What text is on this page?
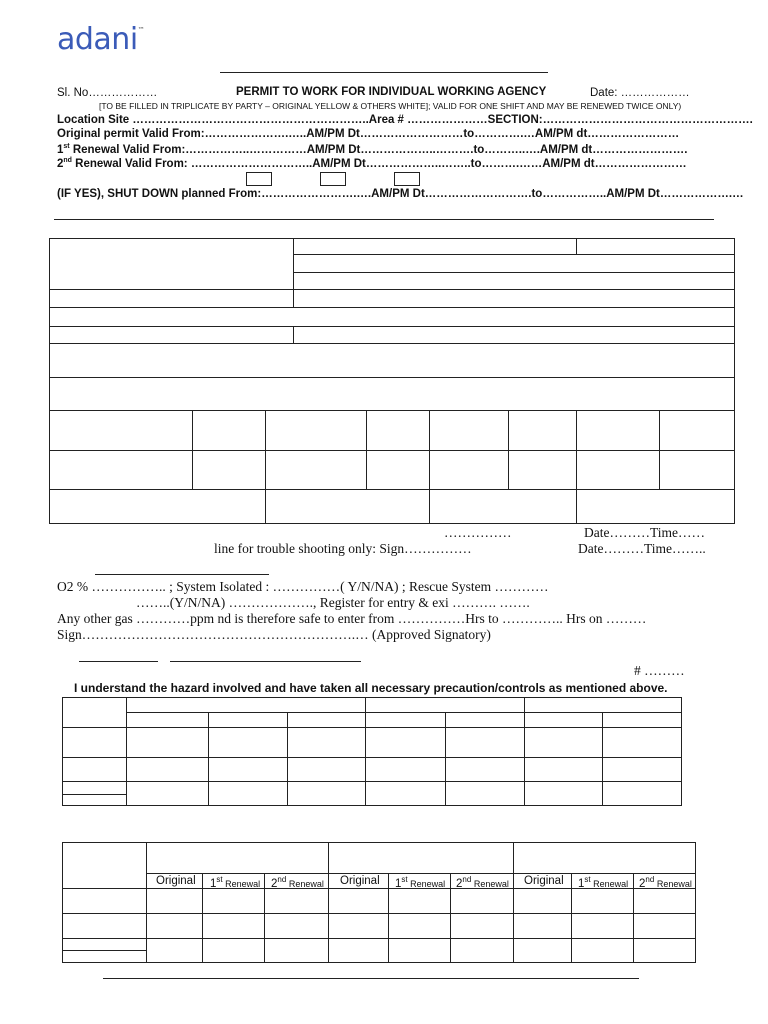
adani™
Sl. No………………	PERMIT TO WORK FOR INDIVIDUAL WORKING AGENCY	Date: ………………
[TO BE FILLED IN TRIPLICATE BY PARTY – ORIGINAL YELLOW & OTHERS WHITE]; VALID FOR ONE SHIFT AND MAY BE RENEWED TWICE ONLY)
Location Site ……………………………………………………..Area # …………………SECTION:……………………………………………….
Original permit Valid From:………………….…..AM/PM Dt………………………to………….…AM/PM dt……………………
1st Renewal Valid From:……………..……………AM/PM Dt………………..……….to………..….AM/PM dt…………………….
2nd Renewal Valid From: …………………………..AM/PM Dt………………..……..to……….……AM/PM dt……………………
(IF YES), SHUT DOWN planned From:…………………….….AM/PM Dt……………………….to……………..AM/PM Dt……………….…
……………	Date………Time……
line for trouble shooting only: Sign……………	Date………Time……..
O2 % …………….. ; System Isolated : ……………( Y/N/NA) ; Rescue System …………
……..(Y/N/NA) ………………., Register for entry & exi ………. …….
Any other gas …………ppm nd is therefore safe to enter from ……………Hrs to ………….. Hrs on ………
Sign…………………………………………………….… (Approved Signatory)
# ………
I understand the hazard involved and have taken all necessary precaution/controls as mentioned above.
Original 1st Renewal 2nd Renewal Original 1st Renewal 2nd Renewal Original 1st Renewal 2nd Renewal
